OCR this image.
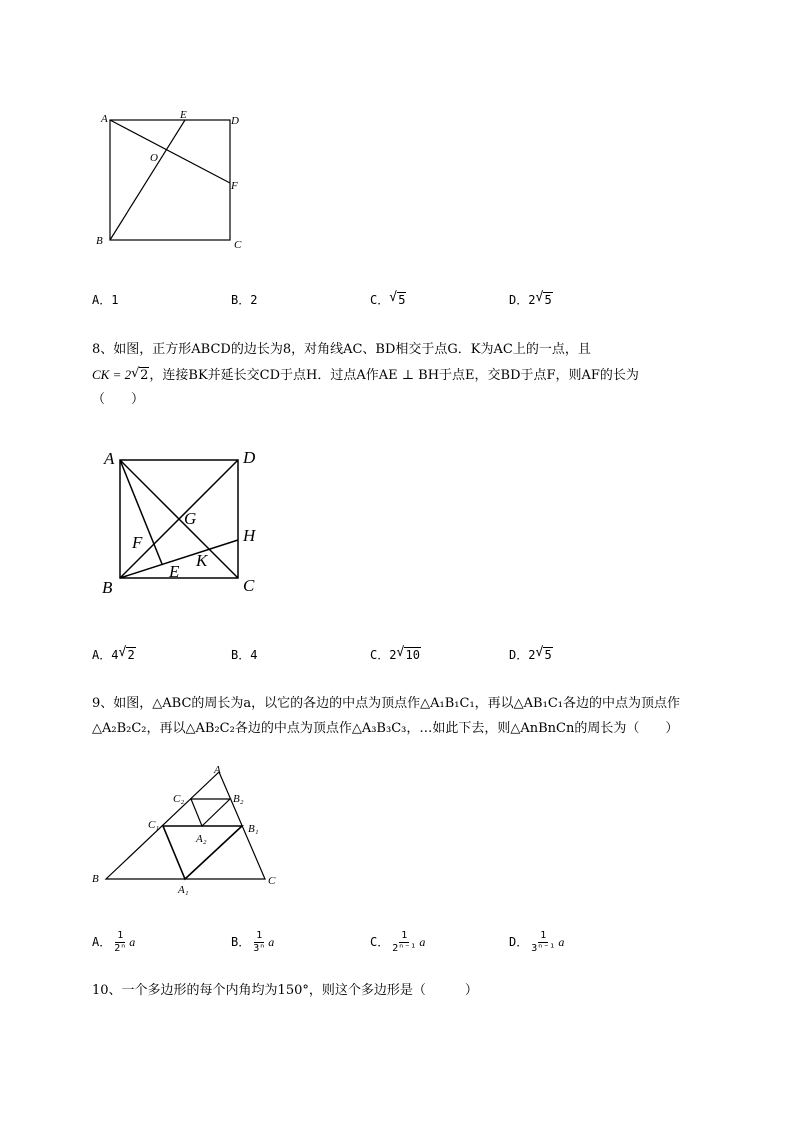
A	E	D
O
F
B	C
A．1	B．2	C． √ 5	D．2 √ 5
8、如图，正方形ABCD的边长为8，对角线AC、BD相交于点G．K为AC上的一点，且
CK = 2 √ 2，连接BK并延长交CD于点H．过点A作AE ⊥ BH于点E，交BD于点F，则AF的长为
（　　）
A	D
G
H
F
E
K
B	C
A．4 √ 2	B．4	C．2 √ 10	D．2 √ 5
9、如图，△ABC的周长为a，以它的各边的中点为顶点作△A₁B₁C₁，再以△AB₁C₁各边的中点为顶点作
△A₂B₂C₂，再以△AB₂C₂各边的中点为顶点作△A₃B₃C₃，…如此下去，则△AnBnCn的周长为（　　）
A
C₂	B₂
C₁	B₁
A₂
B
A₁
C
A． $\frac{1}{\text{2ⁿ}}$ a	B． $\frac{1}{\text{3ⁿ}}$ a	C． $\frac{1}{\text{2ⁿ⁻¹}}$ a	D． $\frac{1}{\text{3ⁿ⁻¹}}$ a
10、一个多边形的每个内角均为150°，则这个多边形是（　　　）
